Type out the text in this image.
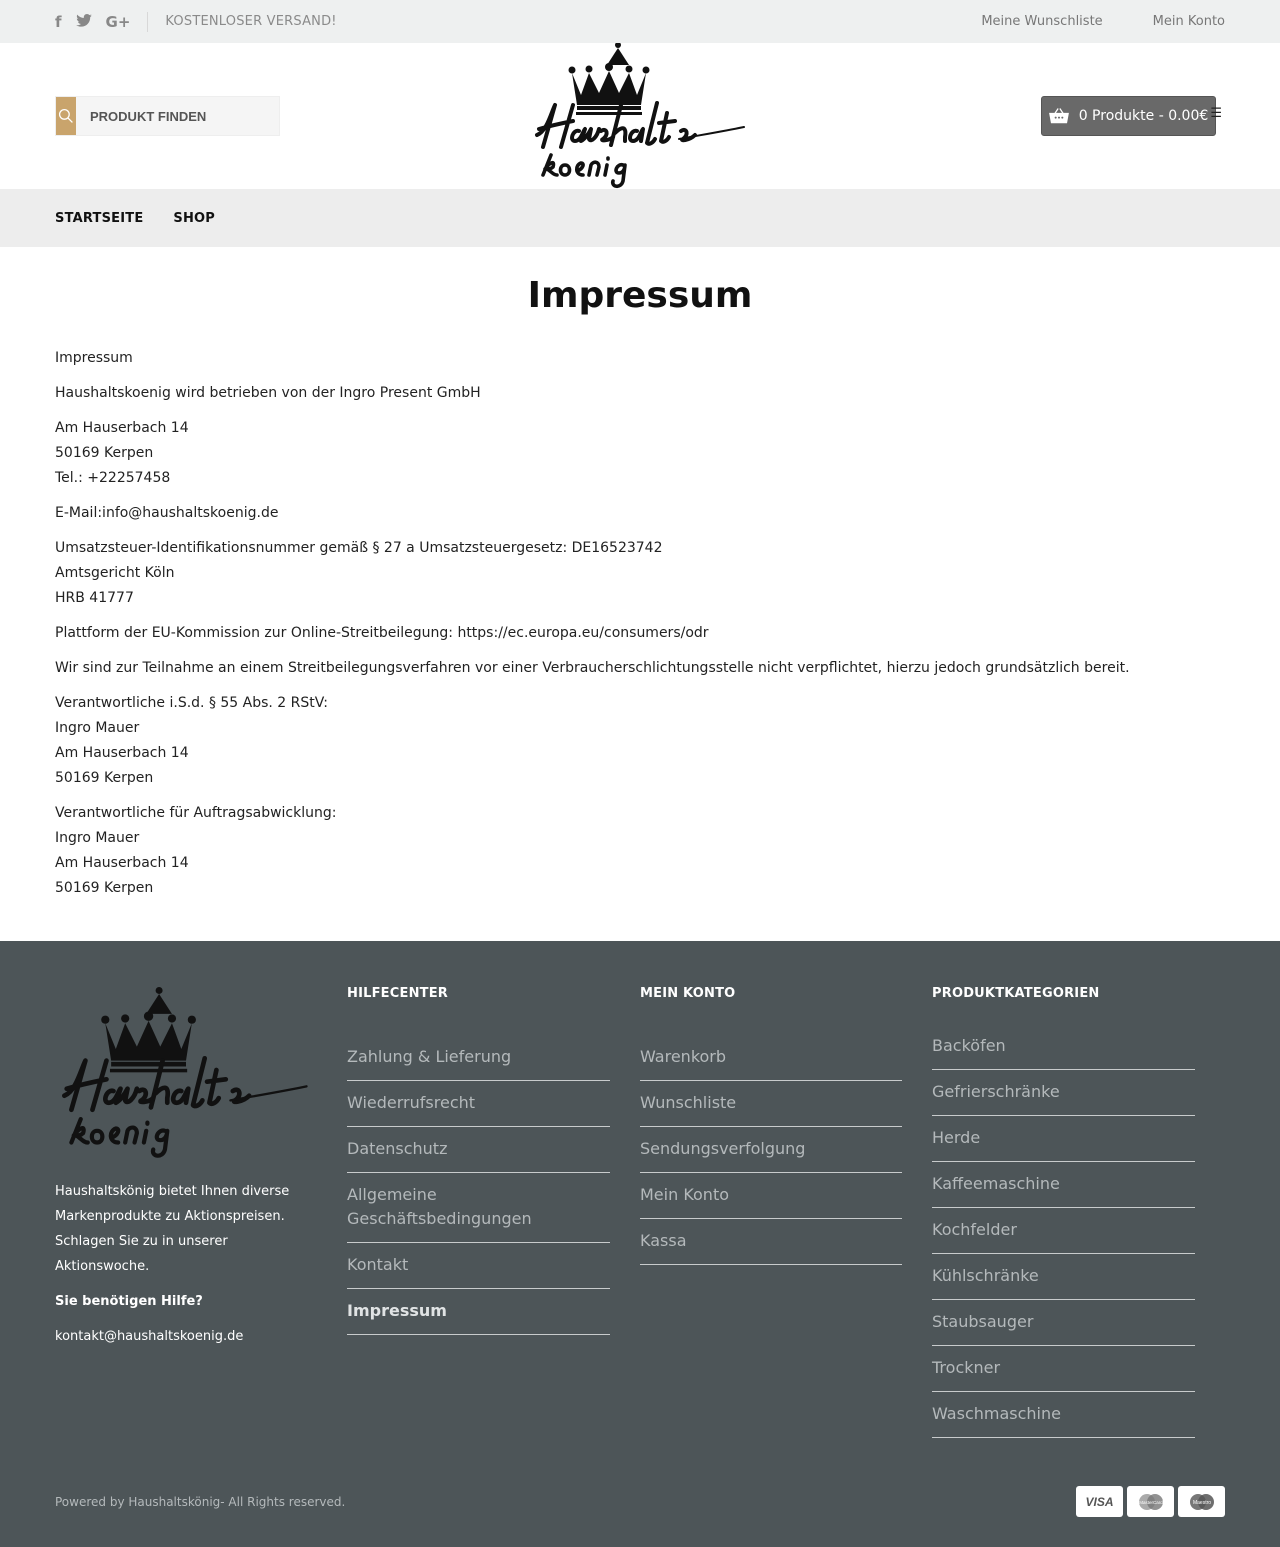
f	G+	KOSTENLOSER VERSAND!	Meine Wunschliste	Mein Konto
PRODUKT FINDEN
0 Produkte - 0.00€ ☰
STARTSEITE SHOP
Impressum

Impressum

Haushaltskoenig wird betrieben von der Ingro Present GmbH

Am Hauserbach 14
50169 Kerpen
Tel.: +22257458

E-Mail:info@haushaltskoenig.de

Umsatzsteuer-Identifikationsnummer gemäß § 27 a Umsatzsteuergesetz: DE16523742
Amtsgericht Köln
HRB 41777

Plattform der EU-Kommission zur Online-Streitbeilegung: https://ec.europa.eu/consumers/odr

Wir sind zur Teilnahme an einem Streitbeilegungsverfahren vor einer Verbraucherschlichtungsstelle nicht verpflichtet, hierzu jedoch grundsätzlich bereit.

Verantwortliche i.S.d. § 55 Abs. 2 RStV:
Ingro Mauer
Am Hauserbach 14
50169 Kerpen

Verantwortliche für Auftragsabwicklung:
Ingro Mauer
Am Hauserbach 14
50169 Kerpen

Haushaltskönig bietet Ihnen diverse
Markenprodukte zu Aktionspreisen.
Schlagen Sie zu in unserer Aktionswoche.
Sie benötigen Hilfe?
kontakt@haushaltskoenig.de
HILFECENTER
Zahlung & Lieferung
Wiederrufsrecht
Datenschutz
Allgemeine Geschäftsbedingungen
Kontakt
Impressum
MEIN KONTO
Warenkorb
Wunschliste
Sendungsverfolgung
Mein Konto
Kassa
PRODUKTKATEGORIEN
Backöfen
Gefrierschränke
Herde
Kaffeemaschine
Kochfelder
Kühlschränke
Staubsauger
Trockner
Waschmaschine
Powered by Haushaltskönig- All Rights reserved.	VISA	MasterCard	Maestro
